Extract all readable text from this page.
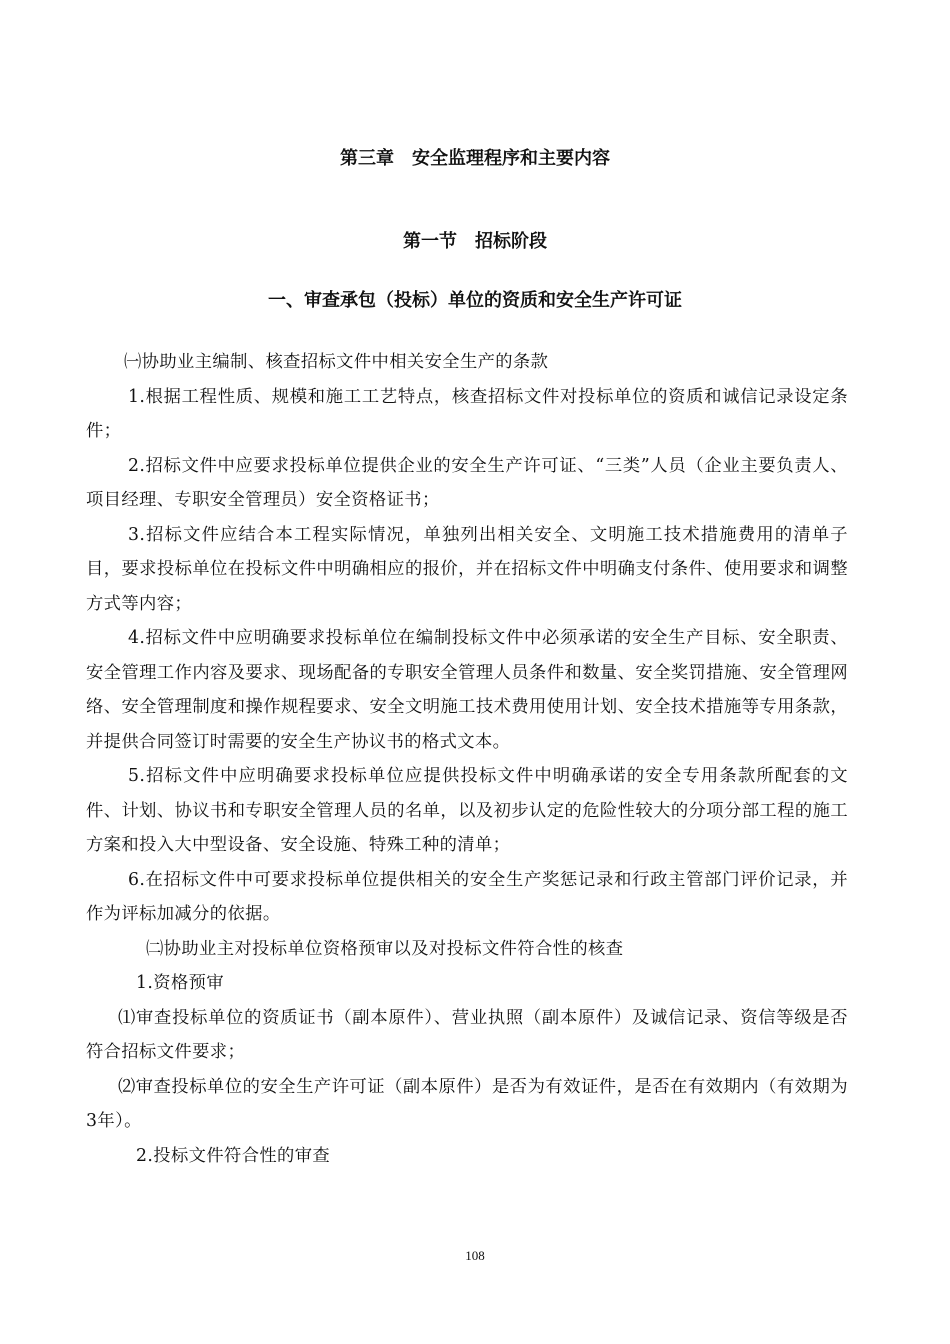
第三章　安全监理程序和主要内容
第一节　招标阶段
一、审查承包（投标）单位的资质和安全生产许可证

㈠协助业主编制、核查招标文件中相关安全生产的条款

1.根据工程性质、规模和施工工艺特点，核查招标文件对投标单位的资质和诚信记录设定条件；

2.招标文件中应要求投标单位提供企业的安全生产许可证、“三类”人员（企业主要负责人、项目经理、专职安全管理员）安全资格证书；

3.招标文件应结合本工程实际情况，单独列出相关安全、文明施工技术措施费用的清单子目，要求投标单位在投标文件中明确相应的报价，并在招标文件中明确支付条件、使用要求和调整方式等内容；

4.招标文件中应明确要求投标单位在编制投标文件中必须承诺的安全生产目标、安全职责、安全管理工作内容及要求、现场配备的专职安全管理人员条件和数量、安全奖罚措施、安全管理网络、安全管理制度和操作规程要求、安全文明施工技术费用使用计划、安全技术措施等专用条款，并提供合同签订时需要的安全生产协议书的格式文本。

5.招标文件中应明确要求投标单位应提供投标文件中明确承诺的安全专用条款所配套的文件、计划、协议书和专职安全管理人员的名单，以及初步认定的危险性较大的分项分部工程的施工方案和投入大中型设备、安全设施、特殊工种的清单；

6.在招标文件中可要求投标单位提供相关的安全生产奖惩记录和行政主管部门评价记录，并作为评标加减分的依据。

㈡协助业主对投标单位资格预审以及对投标文件符合性的核查

1.资格预审

⑴审查投标单位的资质证书（副本原件）、营业执照（副本原件）及诚信记录、资信等级是否符合招标文件要求；

⑵审查投标单位的安全生产许可证（副本原件）是否为有效证件，是否在有效期内（有效期为3年）。

2.投标文件符合性的审查

108
